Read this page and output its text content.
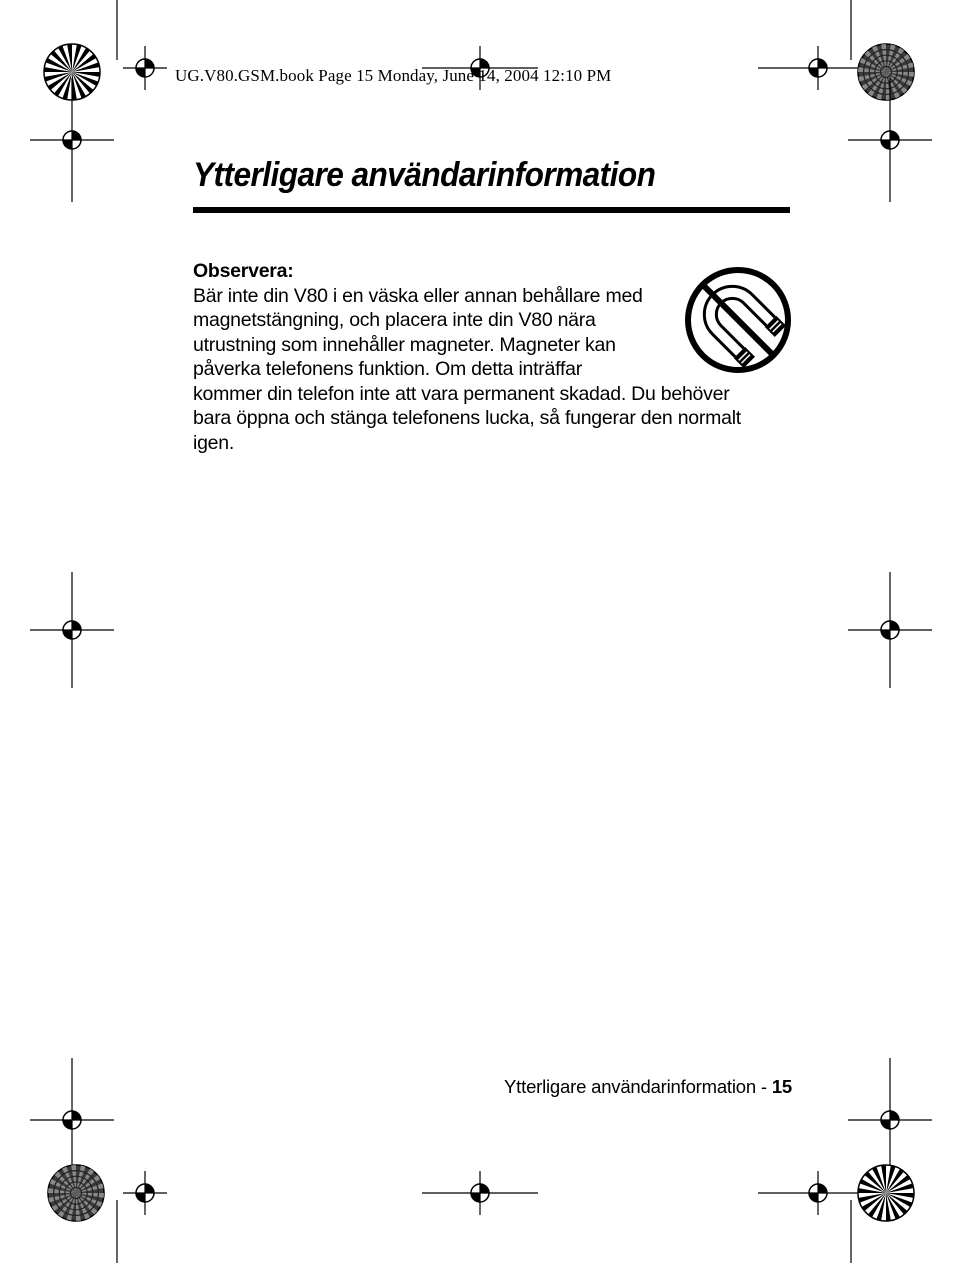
UG.V80.GSM.book Page 15 Monday, June 14, 2004 12:10 PM
Ytterligare användarinformation
Observera:
Bär inte din V80 i en väska eller annan behållare med
magnetstängning, och placera inte din V80 nära
utrustning som innehåller magneter. Magneter kan
påverka telefonens funktion. Om detta inträffar
kommer din telefon inte att vara permanent skadad. Du behöver
bara öppna och stänga telefonens lucka, så fungerar den normalt
igen.
Ytterligare användarinformation - 15
